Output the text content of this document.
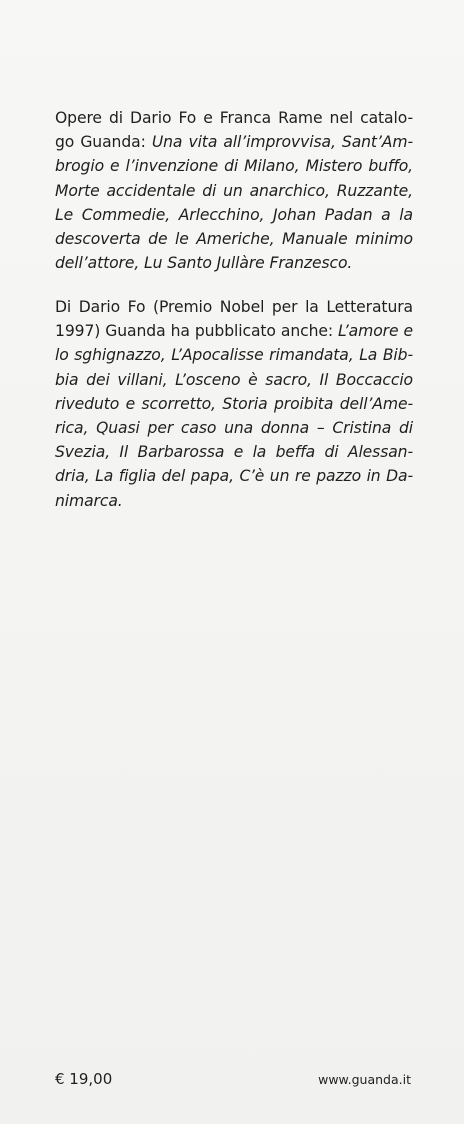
Opere di Dario Fo e Franca Rame nel catalo-
go Guanda: Una vita all’improvvisa, Sant’Am-
brogio e l’invenzione di Milano, Mistero buffo,
Morte accidentale di un anarchico, Ruzzante,
Le Commedie, Arlecchino, Johan Padan a la
descoverta de le Americhe, Manuale minimo
dell’attore, Lu Santo Jullàre Franzesco.
Di Dario Fo (Premio Nobel per la Letteratura
1997) Guanda ha pubblicato anche: L’amore e
lo sghignazzo, L’Apocalisse rimandata, La Bib-
bia dei villani, L’osceno è sacro, Il Boccaccio
riveduto e scorretto, Storia proibita dell’Ame-
rica, Quasi per caso una donna – Cristina di
Svezia, Il Barbarossa e la beffa di Alessan-
dria, La figlia del papa, C’è un re pazzo in Da-
nimarca.
€ 19,00	www.guanda.it
